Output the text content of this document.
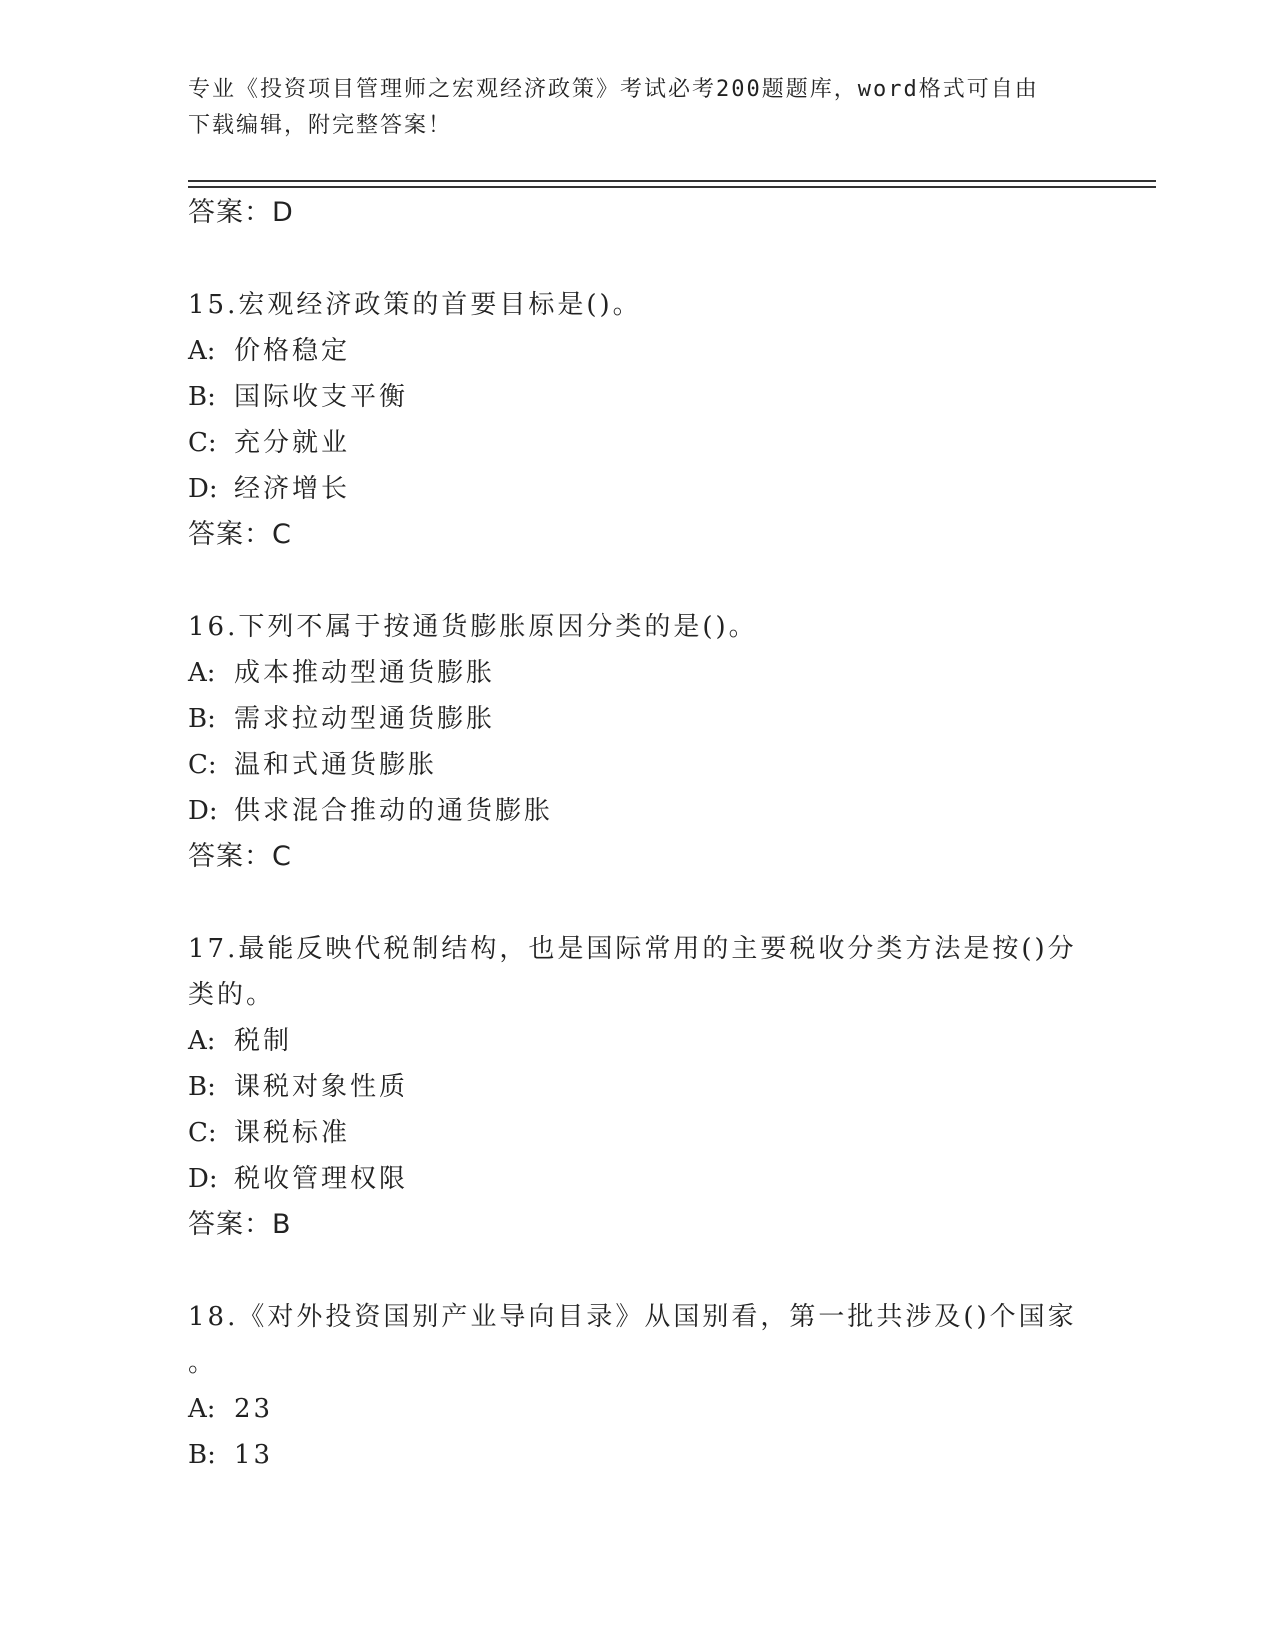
专业《投资项目管理师之宏观经济政策》考试必考200题题库，word格式可自由
下载编辑，附完整答案！
答案：D
15.宏观经济政策的首要目标是()。
A: 价格稳定
B: 国际收支平衡
C: 充分就业
D: 经济增长
答案：C
16.下列不属于按通货膨胀原因分类的是()。
A: 成本推动型通货膨胀
B: 需求拉动型通货膨胀
C: 温和式通货膨胀
D: 供求混合推动的通货膨胀
答案：C
17.最能反映代税制结构，也是国际常用的主要税收分类方法是按()分
类的。
A: 税制
B: 课税对象性质
C: 课税标准
D: 税收管理权限
答案：B
18.《对外投资国别产业导向目录》从国别看，第一批共涉及()个国家
。
A: 23
B: 13
